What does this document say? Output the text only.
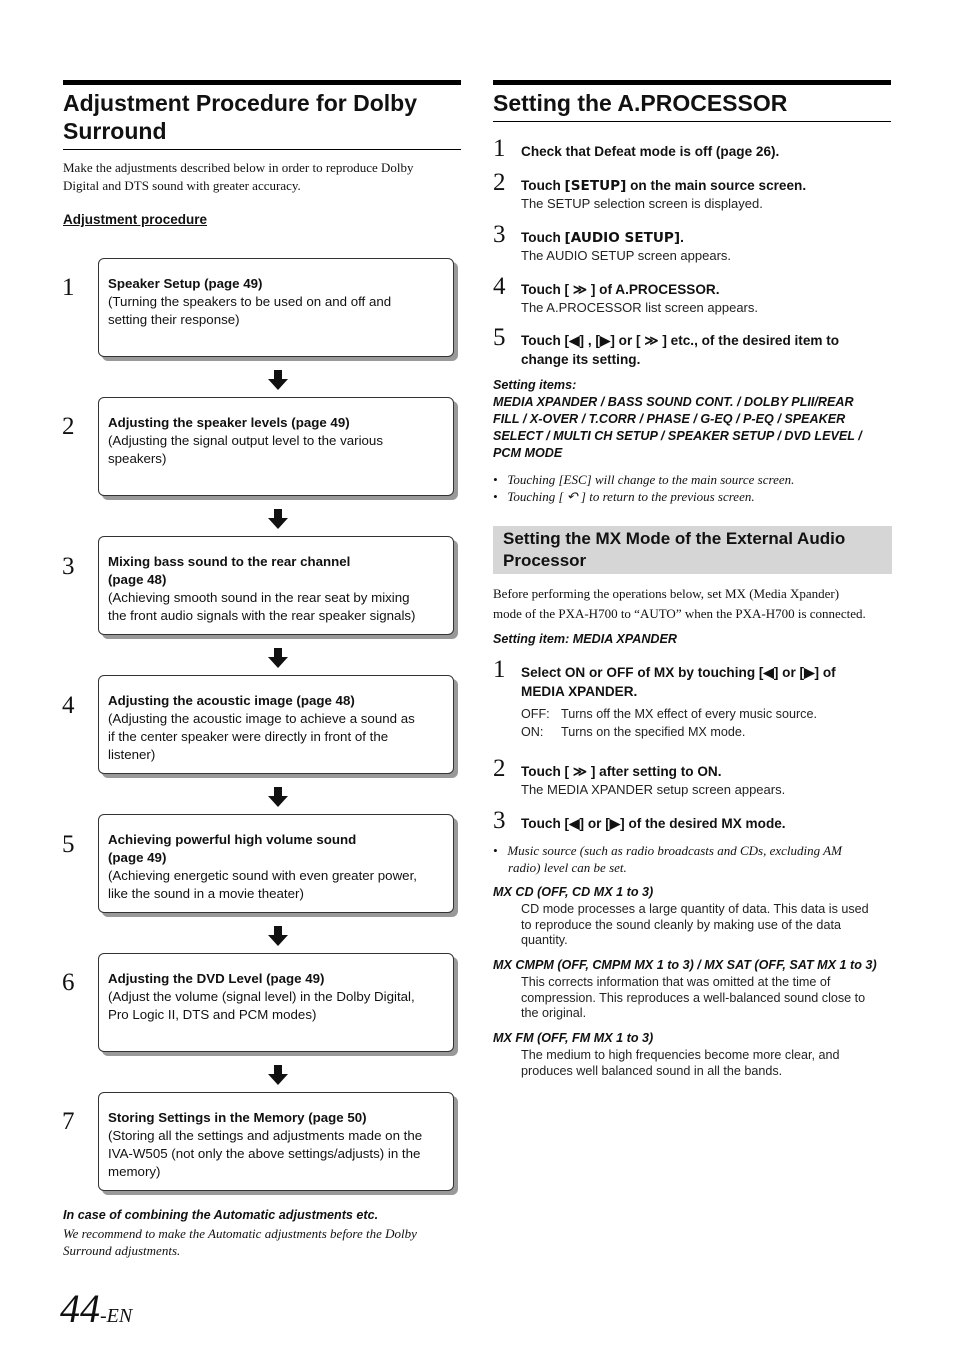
Adjustment Procedure for Dolby
Surround
Make the adjustments described below in order to reproduce Dolby
Digital and DTS sound with greater accuracy.
Adjustment procedure
1	Speaker Setup (page 49)
(Turning the speakers to be used on and off and
setting their response)
2	Adjusting the speaker levels (page 49)
(Adjusting the signal output level to the various
speakers)
3	Mixing bass sound to the rear channel
(page 48)
(Achieving smooth sound in the rear seat by mixing
the front audio signals with the rear speaker signals)
4	Adjusting the acoustic image (page 48)
(Adjusting the acoustic image to achieve a sound as
if the center speaker were directly in front of the
listener)
5	Achieving powerful high volume sound
(page 49)
(Achieving energetic sound with even greater power,
like the sound in a movie theater)
6	Adjusting the DVD Level (page 49)
(Adjust the volume (signal level) in the Dolby Digital,
Pro Logic II, DTS and PCM modes)
7	Storing Settings in the Memory (page 50)
(Storing all the settings and adjustments made on the
IVA-W505 (not only the above settings/adjusts) in the
memory)
In case of combining the Automatic adjustments etc.
We recommend to make the Automatic adjustments before the Dolby
Surround adjustments.
Setting the A.PROCESSOR
1 Check that Defeat mode is off (page 26).
2 Touch [SETUP] on the main source screen.
The SETUP selection screen is displayed.
3 Touch [AUDIO SETUP].
The AUDIO SETUP screen appears.
4 Touch [ ≫ ] of A.PROCESSOR.
The A.PROCESSOR list screen appears.
5 Touch [◀] , [▶] or [ ≫ ] etc., of the desired item to
change its setting.
Setting items:
MEDIA XPANDER / BASS SOUND CONT. / DOLBY PLII/REAR
FILL / X-OVER / T.CORR / PHASE / G-EQ / P-EQ / SPEAKER
SELECT / MULTI CH SETUP / SPEAKER SETUP / DVD LEVEL /
PCM MODE
•   Touching [ESC] will change to the main source screen.
•   Touching [ ↶ ] to return to the previous screen.
Setting the MX Mode of the External Audio
Processor
Before performing the operations below, set MX (Media Xpander)
mode of the PXA-H700 to “AUTO” when the PXA-H700 is connected.
Setting item: MEDIA XPANDER
1 Select ON or OFF of MX by touching [◀] or [▶] of
MEDIA XPANDER.
OFF: Turns off the MX effect of every music source.
ON: Turns on the specified MX mode.
2 Touch [ ≫ ] after setting to ON.
The MEDIA XPANDER setup screen appears.
3 Touch [◀] or [▶] of the desired MX mode.
•   Music source (such as radio broadcasts and CDs, excluding AM
radio) level can be set.
MX CD (OFF, CD MX 1 to 3)
CD mode processes a large quantity of data. This data is used
to reproduce the sound cleanly by making use of the data
quantity.
MX CMPM (OFF, CMPM MX 1 to 3) / MX SAT (OFF, SAT MX 1 to 3)
This corrects information that was omitted at the time of
compression. This reproduces a well-balanced sound close to
the original.
MX FM (OFF, FM MX 1 to 3)
The medium to high frequencies become more clear, and
produces well balanced sound in all the bands.
44-EN
